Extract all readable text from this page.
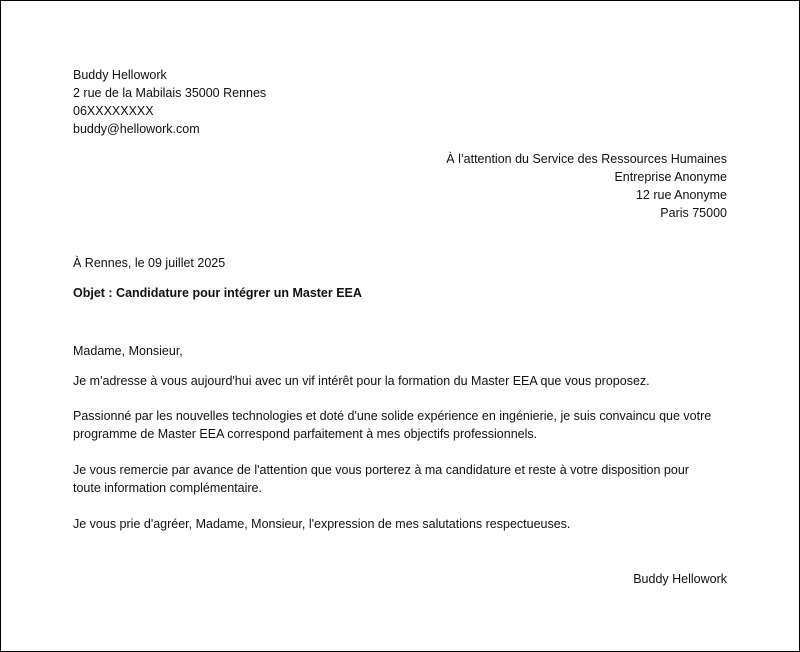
Buddy Hellowork
2 rue de la Mabilais 35000 Rennes
06XXXXXXXX
buddy@hellowork.com
À l’attention du Service des Ressources Humaines
Entreprise Anonyme
12 rue Anonyme
Paris 75000
À Rennes, le 09 juillet 2025
Objet : Candidature pour intégrer un Master EEA
Madame, Monsieur,
Je m'adresse à vous aujourd'hui avec un vif intérêt pour la formation du Master EEA que vous proposez.
Passionné par les nouvelles technologies et doté d'une solide expérience en ingénierie, je suis convaincu que votre
programme de Master EEA correspond parfaitement à mes objectifs professionnels.
Je vous remercie par avance de l'attention que vous porterez à ma candidature et reste à votre disposition pour
toute information complémentaire.
Je vous prie d'agréer, Madame, Monsieur, l'expression de mes salutations respectueuses.
Buddy Hellowork
